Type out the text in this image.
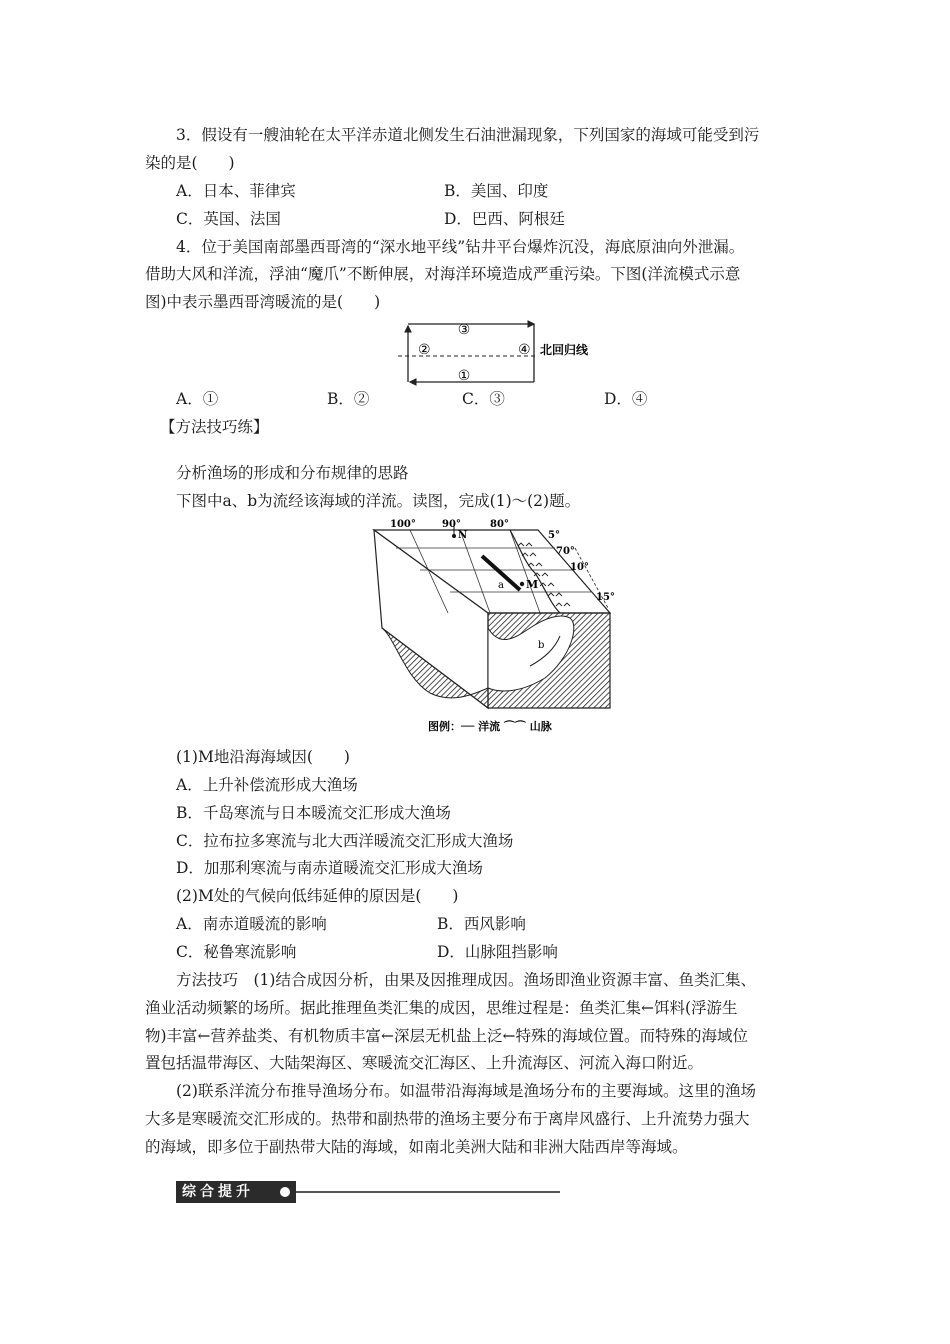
3．假设有一艘油轮在太平洋赤道北侧发生石油泄漏现象，下列国家的海域可能受到污
染的是(　　)
A．日本、菲律宾	B．美国、印度
C．英国、法国	D．巴西、阿根廷
4．位于美国南部墨西哥湾的“深水地平线”钻井平台爆炸沉没，海底原油向外泄漏。
借助大风和洋流，浮油“魔爪”不断伸展，对海洋环境造成严重污染。下图(洋流模式示意
图)中表示墨西哥湾暖流的是(　　)
③
②	④
①
北回归线
A．①	B．②	C．③	D．④
【方法技巧练】
分析渔场的形成和分布规律的思路
下图中a、b为流经该海域的洋流。读图，完成(1)～(2)题。
100°	90°	80°
5°
70°
10°
15°
N
M
a
b
图例：── 洋流 ⌒⌒ 山脉
(1)M地沿海海域因(　　)
A．上升补偿流形成大渔场
B．千岛寒流与日本暖流交汇形成大渔场
C．拉布拉多寒流与北大西洋暖流交汇形成大渔场
D．加那利寒流与南赤道暖流交汇形成大渔场
(2)M处的气候向低纬延伸的原因是(　　)
A．南赤道暖流的影响	B．西风影响
C．秘鲁寒流影响	D．山脉阻挡影响
方法技巧　(1)结合成因分析，由果及因推理成因。渔场即渔业资源丰富、鱼类汇集、
渔业活动频繁的场所。据此推理鱼类汇集的成因，思维过程是：鱼类汇集←饵料(浮游生
物)丰富←营养盐类、有机物质丰富←深层无机盐上泛←特殊的海域位置。而特殊的海域位
置包括温带海区、大陆架海区、寒暖流交汇海区、上升流海区、河流入海口附近。
(2)联系洋流分布推导渔场分布。如温带沿海海域是渔场分布的主要海域。这里的渔场
大多是寒暖流交汇形成的。热带和副热带的渔场主要分布于离岸风盛行、上升流势力强大
的海域，即多位于副热带大陆的海域，如南北美洲大陆和非洲大陆西岸等海域。
综合提升
